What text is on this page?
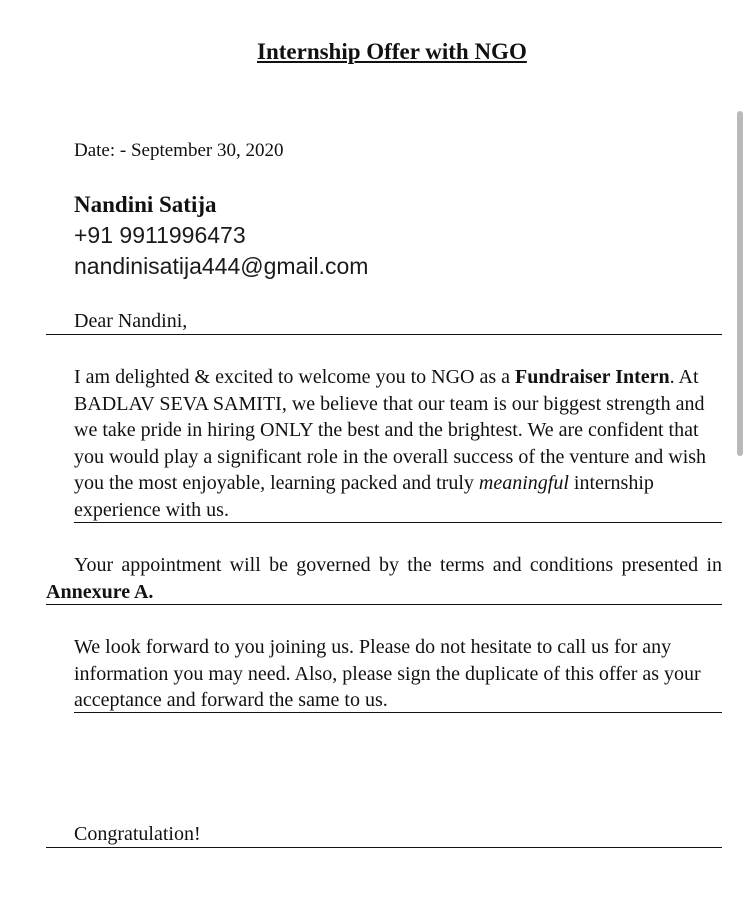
Internship Offer with NGO
Date: - September 30, 2020
Nandini Satija
+91 9911996473
nandinisatija444@gmail.com
Dear Nandini,
I am delighted & excited to welcome you to NGO as a Fundraiser Intern. At BADLAV SEVA SAMITI, we believe that our team is our biggest strength and we take pride in hiring ONLY the best and the brightest. We are confident that you would play a significant role in the overall success of the venture and wish you the most enjoyable, learning packed and truly meaningful internship experience with us.
Your appointment will be governed by the terms and conditions presented in Annexure A.
We look forward to you joining us. Please do not hesitate to call us for any information you may need. Also, please sign the duplicate of this offer as your acceptance and forward the same to us.
Congratulation!
